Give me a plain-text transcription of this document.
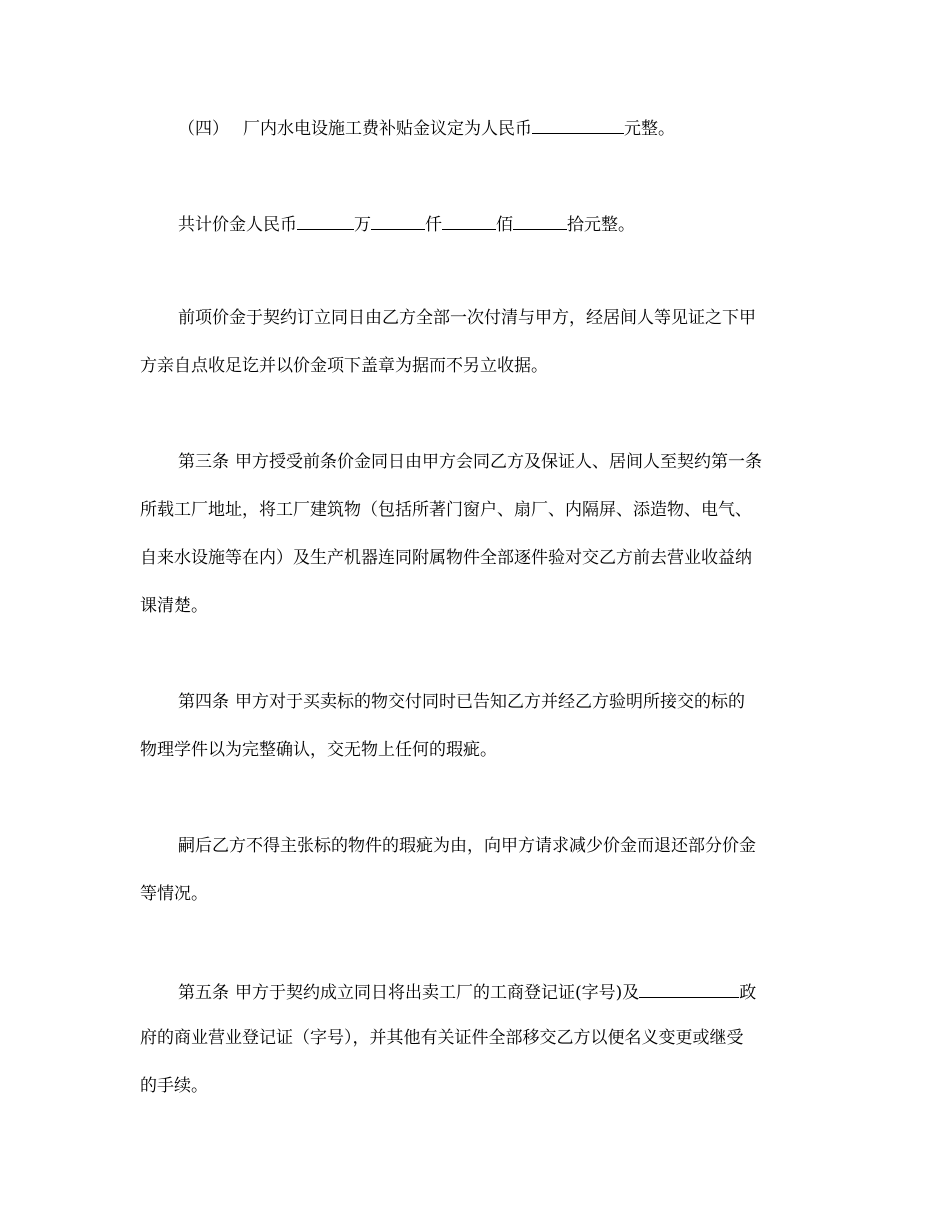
（四） 厂内水电设施工费补贴金议定为人民币	元整。
共计价金人民币	万	仟	佰	拾元整。
前项价金于契约订立同日由乙方全部一次付清与甲方，经居间人等见证之下甲
方亲自点收足讫并以价金项下盖章为据而不另立收据。
第三条 甲方授受前条价金同日由甲方会同乙方及保证人、居间人至契约第一条
所载工厂地址，将工厂建筑物（包括所著门窗户、扇厂、内隔屏、添造物、电气、
自来水设施等在内）及生产机器连同附属物件全部逐件验对交乙方前去营业收益纳
课清楚。
第四条 甲方对于买卖标的物交付同时已告知乙方并经乙方验明所接交的标的
物理学件以为完整确认，交无物上任何的瑕疵。
嗣后乙方不得主张标的物件的瑕疵为由，向甲方请求减少价金而退还部分价金
等情况。
第五条 甲方于契约成立同日将出卖工厂的工商登记证(字号)及	政
府的商业营业登记证（字号），并其他有关证件全部移交乙方以便名义变更或继受
的手续。
